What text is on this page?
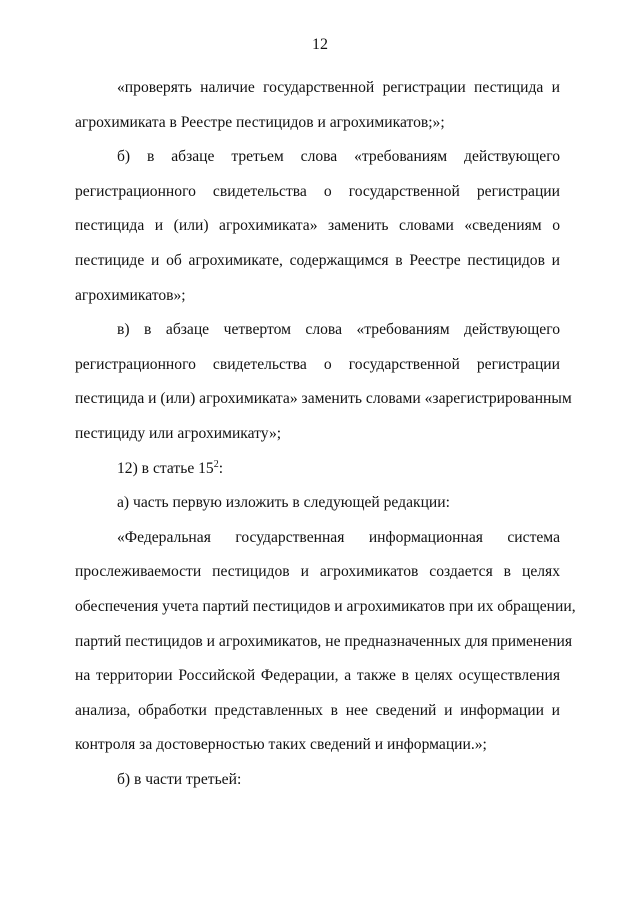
12
«проверять наличие государственной регистрации пестицида и
агрохимиката в Реестре пестицидов и агрохимикатов;»;
б) в абзаце третьем слова «требованиям действующего
регистрационного свидетельства о государственной регистрации
пестицида и (или) агрохимиката» заменить словами «сведениям о
пестициде и об агрохимикате, содержащимся в Реестре пестицидов и
агрохимикатов»;
в) в абзаце четвертом слова «требованиям действующего
регистрационного свидетельства о государственной регистрации
пестицида и (или) агрохимиката» заменить словами «зарегистрированным
пестициду или агрохимикату»;
12) в статье $15^2$:
а) часть первую изложить в следующей редакции:
«Федеральная государственная информационная система
прослеживаемости пестицидов и агрохимикатов создается в целях
обеспечения учета партий пестицидов и агрохимикатов при их обращении,
партий пестицидов и агрохимикатов, не предназначенных для применения
на территории Российской Федерации, а также в целях осуществления
анализа, обработки представленных в нее сведений и информации и
контроля за достоверностью таких сведений и информации.»;
б) в части третьей:
